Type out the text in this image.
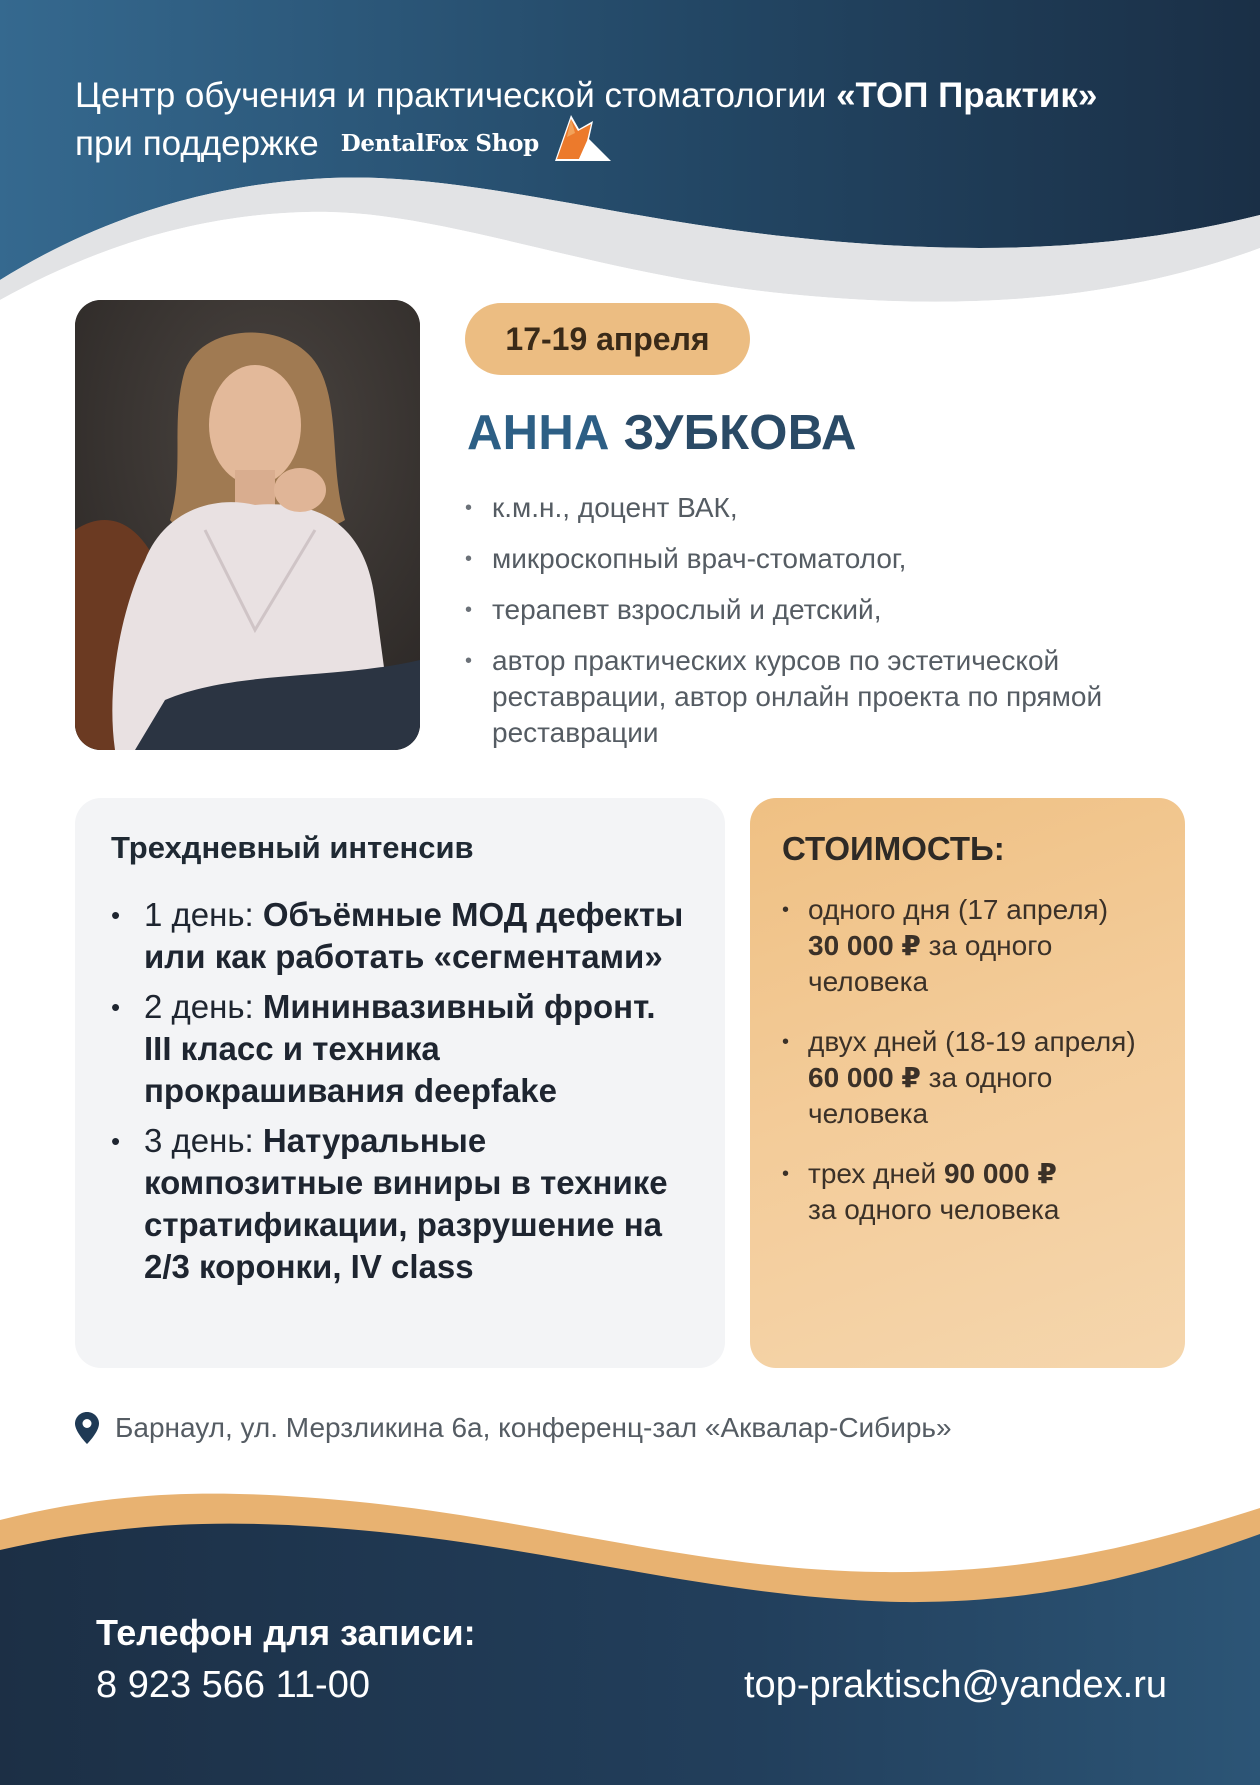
Центр обучения и практической стоматологии «ТОП Практик»
при поддержке DentalFox Shop
17-19 апреля
АННА ЗУБКОВА
• к.м.н., доцент ВАК,
• микроскопный врач-стоматолог,
• терапевт взрослый и детский,
• автор практических курсов по эстетической реставрации, автор онлайн проекта по прямой реставрации
Трехдневный интенсив
• 1 день: Объёмные МОД дефекты или как работать «сегментами»
• 2 день: Мининвазивный фронт. III класс и техника прокрашивания deepfake
• 3 день: Натуральные композитные виниры в технике стратификации, разрушение на 2/3 коронки, IV class
СТОИМОСТЬ:
• одного дня (17 апреля)
30 000 ₽ за одного человека
• двух дней (18-19 апреля)
60 000 ₽ за одного человека
• трех дней 90 000 ₽
за одного человека
Барнаул, ул. Мерзликина 6а, конференц-зал «Аквалар-Сибирь»
Телефон для записи:
8 923 566 11-00	top-praktisch@yandex.ru
